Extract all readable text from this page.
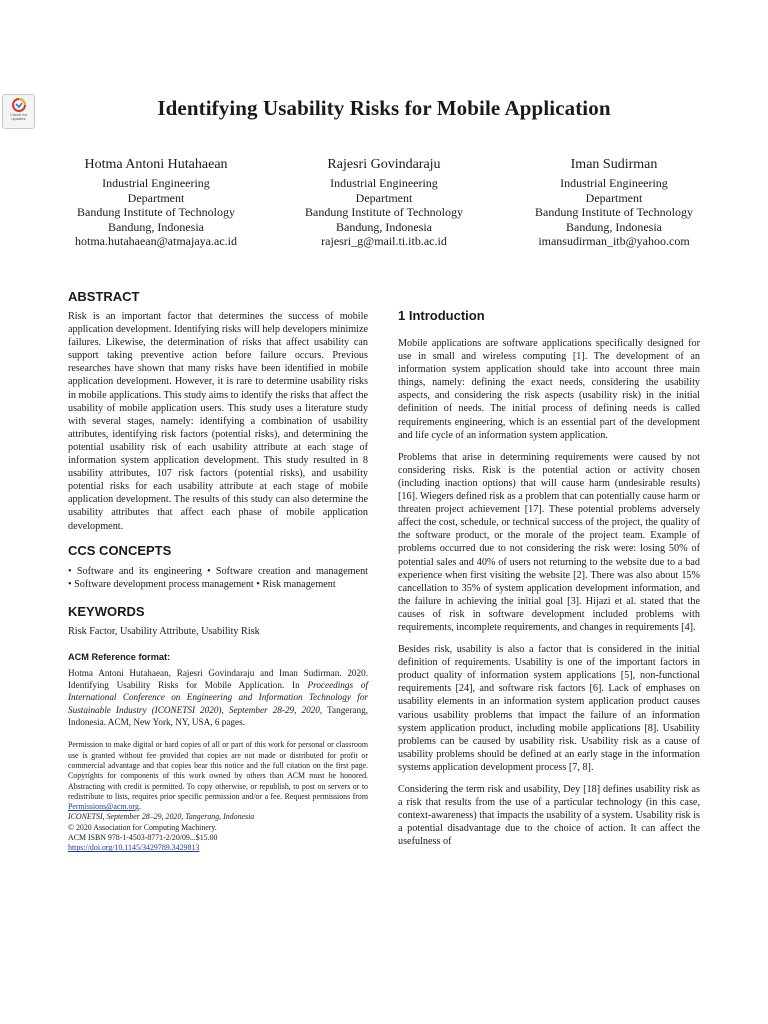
Check for updates	Identifying Usability Risks for Mobile Application
Hotma Antoni Hutahaean
Industrial Engineering
Department
Bandung Institute of Technology
Bandung, Indonesia
hotma.hutahaean@atmajaya.ac.id
Rajesri Govindaraju
Industrial Engineering
Department
Bandung Institute of Technology
Bandung, Indonesia
rajesri_g@mail.ti.itb.ac.id
Iman Sudirman
Industrial Engineering
Department
Bandung Institute of Technology
Bandung, Indonesia
imansudirman_itb@yahoo.com
ABSTRACT
Risk is an important factor that determines the success of mobile application development. Identifying risks will help developers minimize failures. Likewise, the determination of risks that affect usability can support taking preventive action before failure occurs. Previous researches have shown that many risks have been identified in mobile application development. However, it is rare to determine usability risks in mobile applications. This study aims to identify the risks that affect the usability of mobile application users. This study uses a literature study with several stages, namely: identifying a combination of usability attributes, identifying risk factors (potential risks), and determining the potential usability risk of each usability attribute at each stage of information system application development. This study resulted in 8 usability attributes, 107 risk factors (potential risks), and usability potential risks for each usability attribute at each stage of mobile application development. The results of this study can also determine the usability attributes that affect each phase of mobile application development.
CCS CONCEPTS
• Software and its engineering • Software creation and management • Software development process management • Risk management
KEYWORDS
Risk Factor, Usability Attribute, Usability Risk
ACM Reference format:
Hotma Antoni Hutahaean, Rajesri Govindaraju and Iman Sudirman. 2020. Identifying Usability Risks for Mobile Application. In Proceedings of International Conference on Engineering and Information Technology for Sustainable Industry (ICONETSI 2020), September 28-29, 2020, Tangerang, Indonesia. ACM, New York, NY, USA, 6 pages.
Permission to make digital or hard copies of all or part of this work for personal or classroom use is granted without fee provided that copies are not made or distributed for profit or commercial advantage and that copies bear this notice and the full citation on the first page. Copyrights for components of this work owned by others than ACM must be honored. Abstracting with credit is permitted. To copy otherwise, or republish, to post on servers or to redistribute to lists, requires prior specific permission and/or a fee. Request permissions from Permissions@acm.org.
ICONETSI, September 28–29, 2020, Tangerang, Indonesia
© 2020 Association for Computing Machinery.
ACM ISBN 978-1-4503-8771-2/20/09...$15.00
https://doi.org/10.1145/3429789.3429813
1 Introduction
Mobile applications are software applications specifically designed for use in small and wireless computing [1]. The development of an information system application should take into account three main things, namely: defining the exact needs, considering the usability aspects, and considering the risk aspects (usability risk) in the initial definition of needs. The initial process of defining needs is called requirements engineering, which is an essential part of the development and life cycle of an information system application.
Problems that arise in determining requirements were caused by not considering risks. Risk is the potential action or activity chosen (including inaction options) that will cause harm (undesirable results) [16]. Wiegers defined risk as a problem that can potentially cause harm or threaten project achievement [17]. These potential problems adversely affect the cost, schedule, or technical success of the project, the quality of the software product, or the morale of the project team. Example of problems occurred due to not considering the risk were: losing 50% of potential sales and 40% of users not returning to the website due to a bad experience when first visiting the website [2]. There was also about 15% cancellation to 35% of system application development information, and the failure in achieving the initial goal [3]. Hijazi et al. stated that the causes of risk in software development included problems with requirements, incomplete requirements, and changes in requirements [4].
Besides risk, usability is also a factor that is considered in the initial definition of requirements. Usability is one of the important factors in product quality of information system applications [5], non-functional requirements [24], and software risk factors [6]. Lack of emphases on usability elements in an information system application product causes various usability problems that impact the failure of an information system application product, including mobile applications [8]. Usability problems can be caused by usability risk. Usability risk as a cause of usability problems should be defined at an early stage in the information systems application development process [7, 8].
Considering the term risk and usability, Dey [18] defines usability risk as a risk that results from the use of a particular technology (in this case, context-awareness) that impacts the usability of a system. Usability risk is a potential disadvantage due to the choice of action. It can affect the usefulness of
